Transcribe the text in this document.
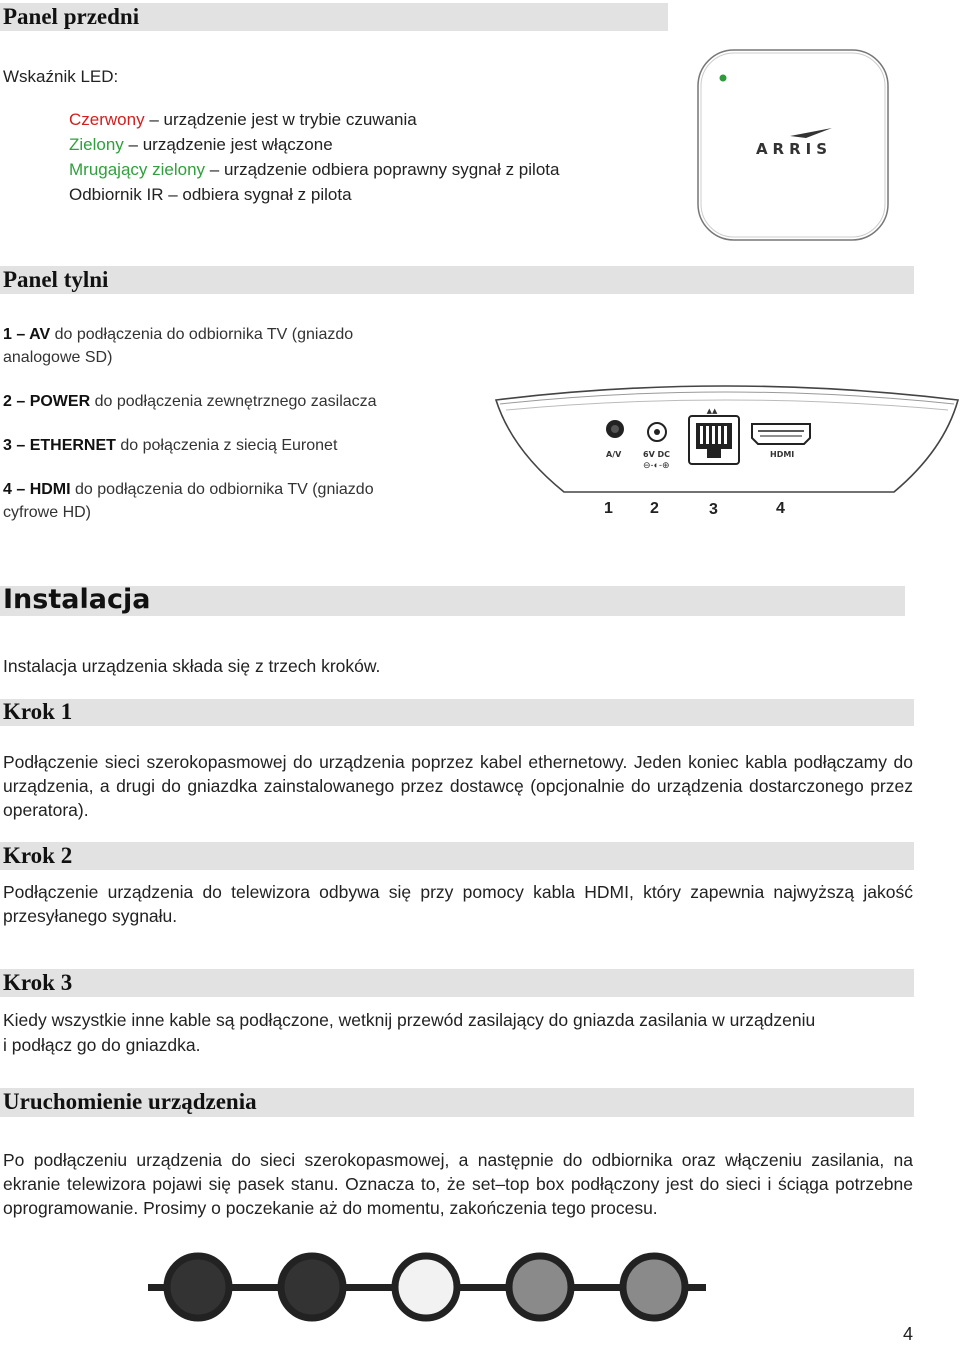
Panel przedni
Wskaźnik LED:
Czerwony – urządzenie jest w trybie czuwania
Zielony – urządzenie jest włączone
Mrugający zielony – urządzenie odbiera poprawny sygnał z pilota
Odbiornik IR – odbiera sygnał z pilota
ARRIS
Panel tylni
1 – AV do podłączenia do odbiornika TV (gniazdo analogowe SD)
2 – POWER do podłączenia zewnętrznego zasilacza
3 – ETHERNET do połączenia z siecią Euronet
4 – HDMI do podłączenia do odbiornika TV (gniazdo cyfrowe HD)
▲▲
A/V	6V DC
⊖-◐-⊕
HDMI
1 2	3	4
Instalacja
Instalacja urządzenia składa się z trzech kroków.
Krok 1
Podłączenie sieci szerokopasmowej do urządzenia poprzez kabel ethernetowy. Jeden koniec kabla podłączamy do urządzenia, a drugi do gniazdka zainstalowanego przez dostawcę (opcjonalnie do urządzenia dostarczonego przez operatora).
Krok 2
Podłączenie urządzenia do telewizora odbywa się przy pomocy kabla HDMI, który zapewnia najwyższą jakość przesyłanego sygnału.
Krok 3
Kiedy wszystkie inne kable są podłączone, wetknij przewód zasilający do gniazda zasilania w urządzeniu
i podłącz go do gniazdka.
Uruchomienie urządzenia
Po podłączeniu urządzenia do sieci szerokopasmowej, a następnie do odbiornika oraz włączeniu zasilania, na ekranie telewizora pojawi się pasek stanu. Oznacza to, że set–top box podłączony jest do sieci i ściąga potrzebne oprogramowanie. Prosimy o poczekanie aż do momentu, zakończenia tego procesu.
4
